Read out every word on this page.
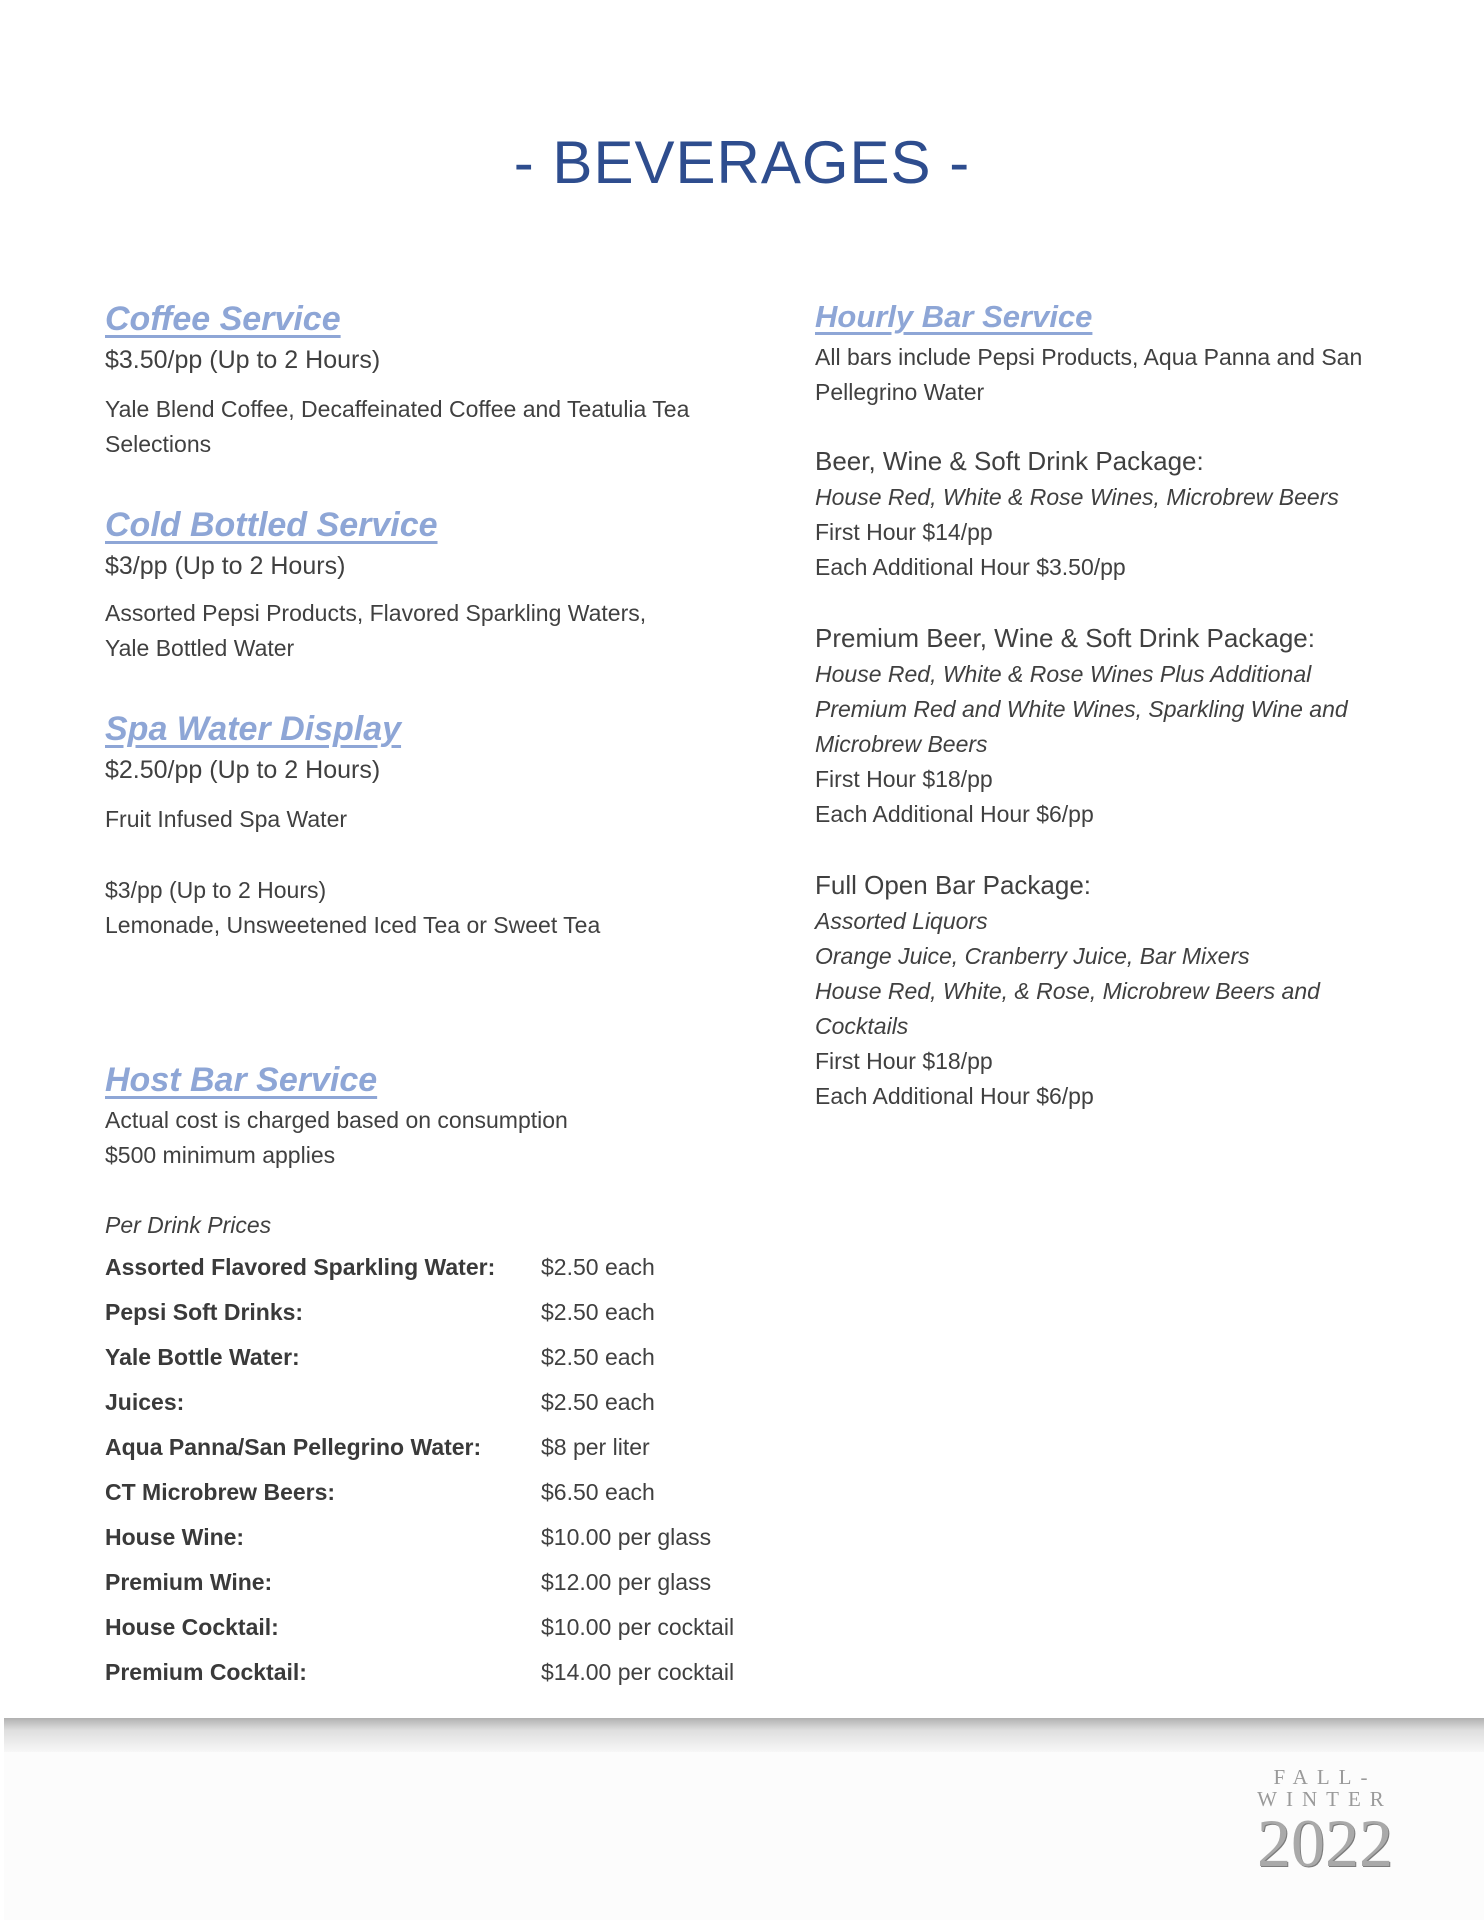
- BEVERAGES -

Coffee Service

$3.50/pp (Up to 2 Hours)

Yale Blend Coffee, Decaffeinated Coffee and Teatulia Tea

Selections

Cold Bottled Service

$3/pp (Up to 2 Hours)

Assorted Pepsi Products, Flavored Sparkling Waters,

Yale Bottled Water

Spa Water Display

$2.50/pp (Up to 2 Hours)

Fruit Infused Spa Water

$3/pp (Up to 2 Hours)

Lemonade, Unsweetened Iced Tea or Sweet Tea

Host Bar Service

Actual cost is charged based on consumption

$500 minimum applies

Per Drink Prices

Assorted Flavored Sparkling Water:	$2.50 each
Pepsi Soft Drinks:	$2.50 each
Yale Bottle Water:	$2.50 each
Juices:	$2.50 each
Aqua Panna/San Pellegrino Water:	$8 per liter
CT Microbrew Beers:	$6.50 each
House Wine:	$10.00 per glass
Premium Wine:	$12.00 per glass
House Cocktail:	$10.00 per cocktail
Premium Cocktail:	$14.00 per cocktail

Hourly Bar Service

All bars include Pepsi Products, Aqua Panna and San

Pellegrino Water

Beer, Wine & Soft Drink Package:

House Red, White & Rose Wines, Microbrew Beers

First Hour $14/pp

Each Additional Hour $3.50/pp

Premium Beer, Wine & Soft Drink Package:

House Red, White & Rose Wines Plus Additional

Premium Red and White Wines, Sparkling Wine and

Microbrew Beers

First Hour $18/pp

Each Additional Hour $6/pp

Full Open Bar Package:

Assorted Liquors

Orange Juice, Cranberry Juice, Bar Mixers

House Red, White, & Rose, Microbrew Beers and

Cocktails

First Hour $18/pp

Each Additional Hour $6/pp

FALL-
WINTER
2022
